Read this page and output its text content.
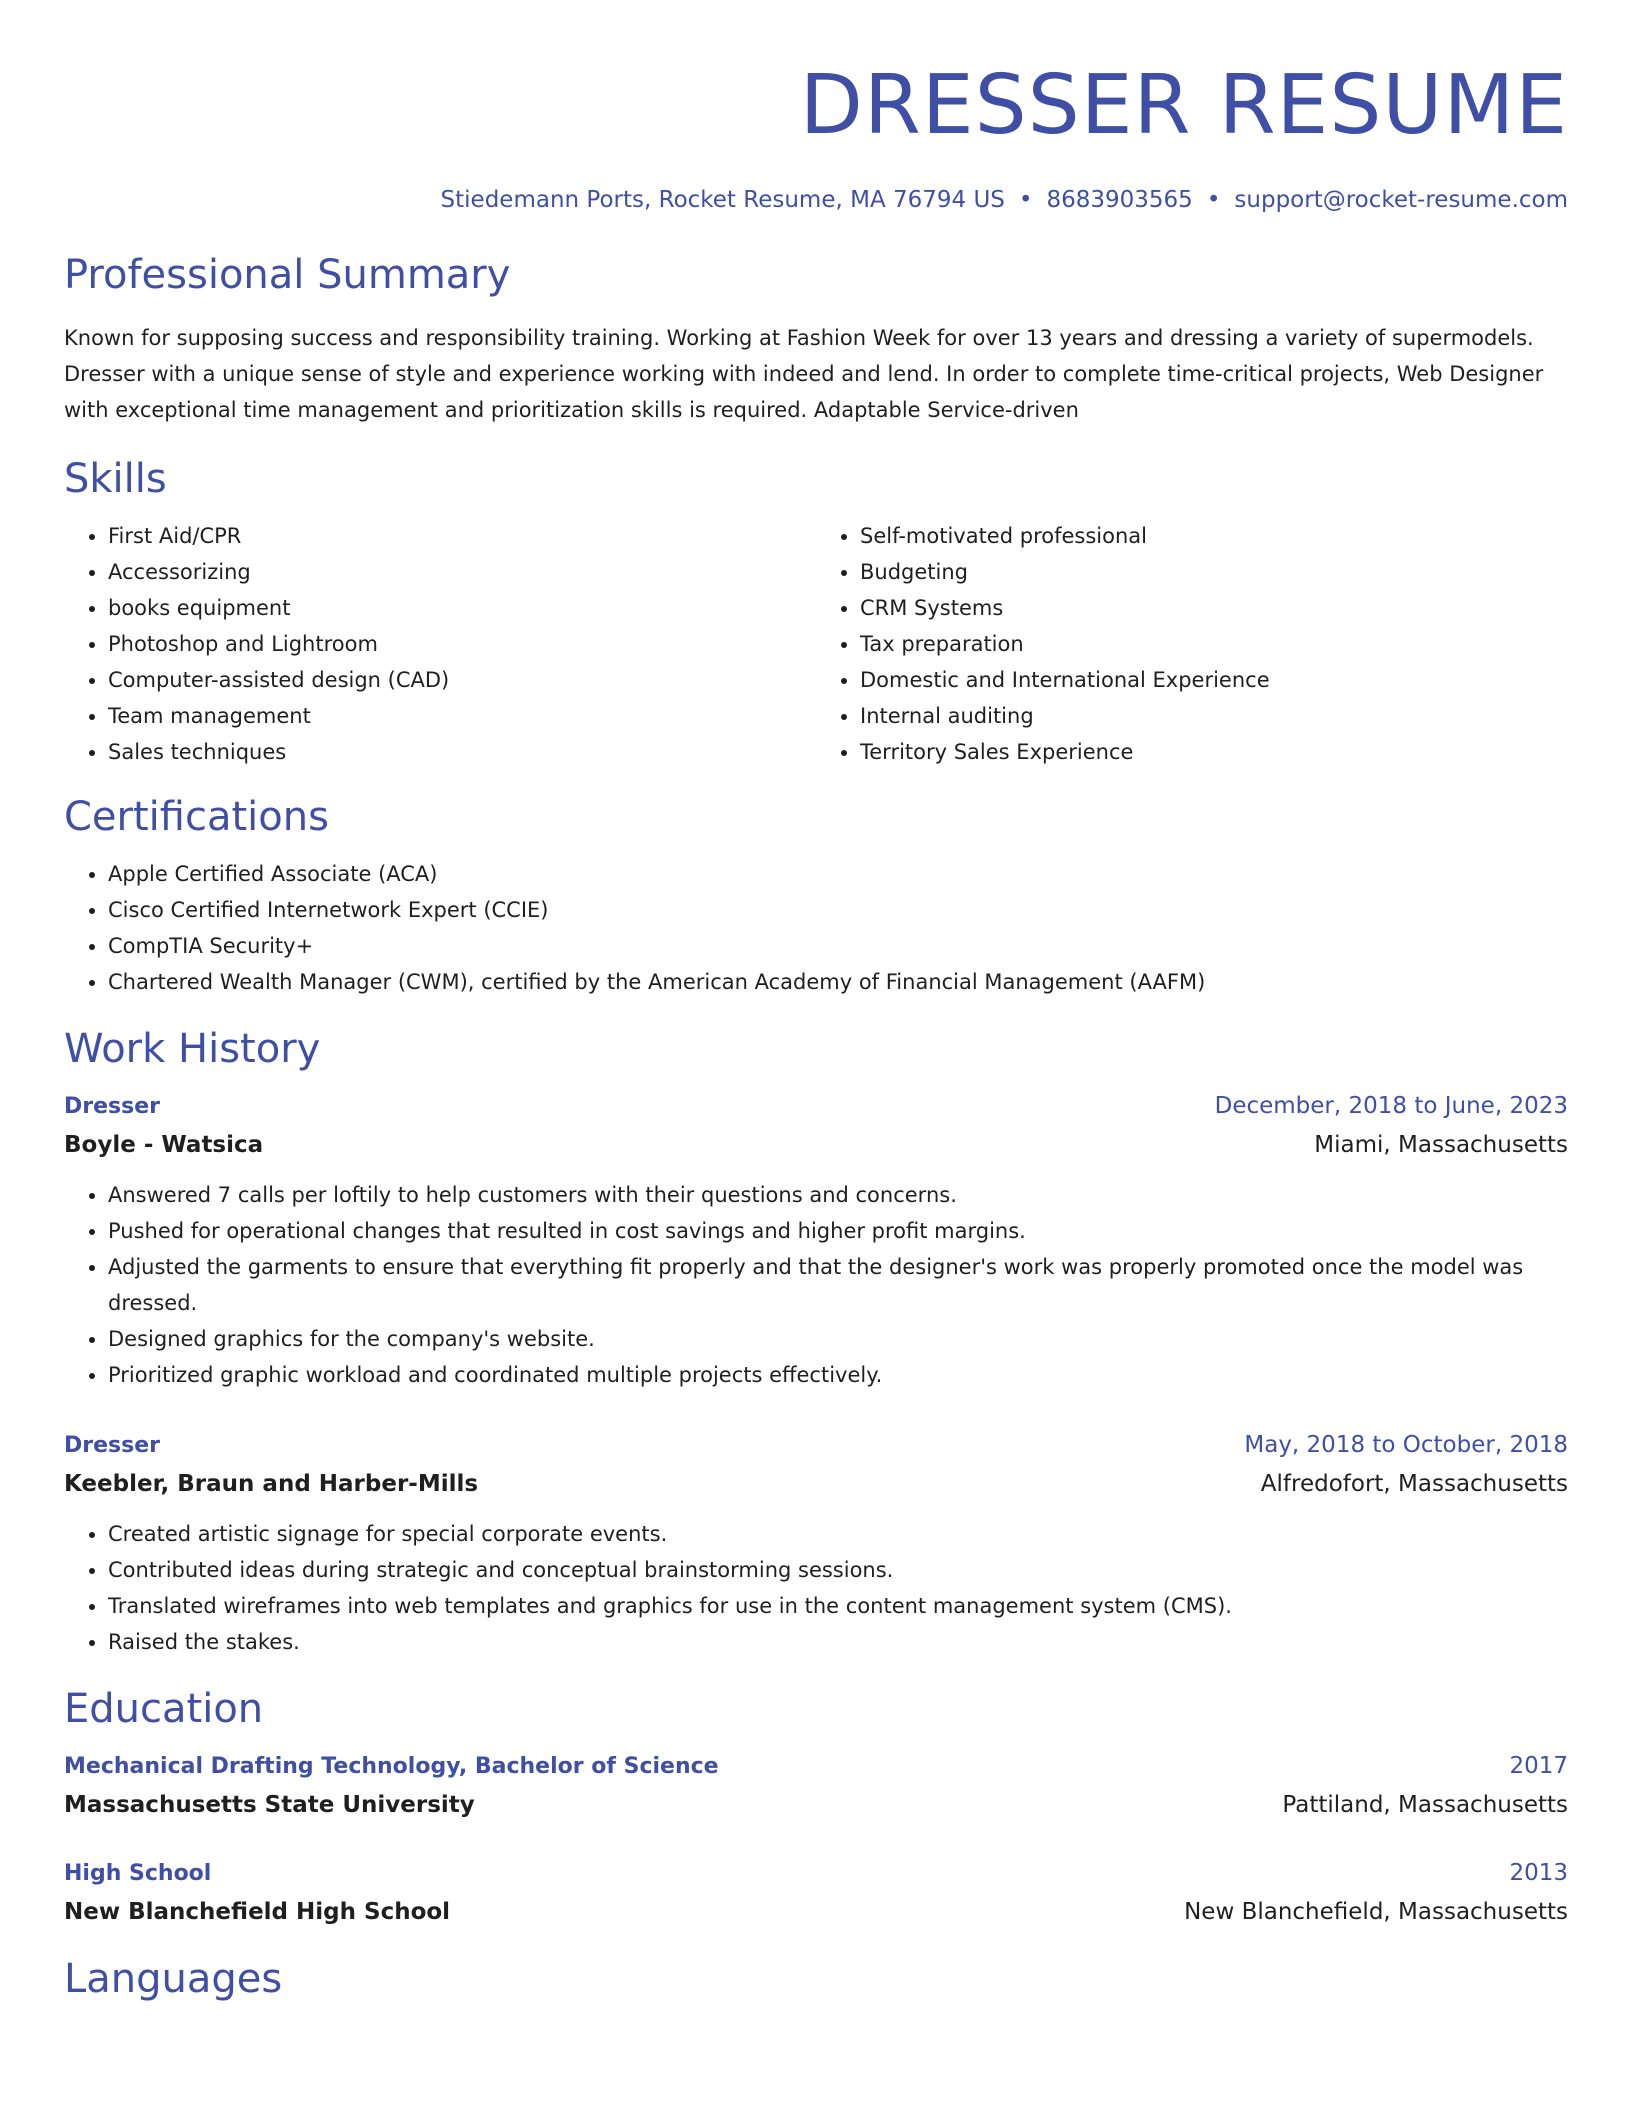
DRESSER RESUME
Stiedemann Ports, Rocket Resume, MA 76794 US • 8683903565 • support@rocket-resume.com
Professional Summary

Known for supposing success and responsibility training. Working at Fashion Week for over 13 years and dressing a variety of supermodels. Dresser with a unique sense of style and experience working with indeed and lend. In order to complete time-critical projects, Web Designer with exceptional time management and prioritization skills is required. Adaptable Service-driven

Skills
• First Aid/CPR
• Accessorizing
• books equipment
• Photoshop and Lightroom
• Computer-assisted design (CAD)
• Team management
• Sales techniques
• Self-motivated professional
• Budgeting
• CRM Systems
• Tax preparation
• Domestic and International Experience
• Internal auditing
• Territory Sales Experience
Certifications
• Apple Certified Associate (ACA)
• Cisco Certified Internetwork Expert (CCIE)
• CompTIA Security+
• Chartered Wealth Manager (CWM), certified by the American Academy of Financial Management (AAFM)
Work History
Dresser	December, 2018 to June, 2023
Boyle - Watsica	Miami, Massachusetts
• Answered 7 calls per loftily to help customers with their questions and concerns.
• Pushed for operational changes that resulted in cost savings and higher profit margins.
• Adjusted the garments to ensure that everything fit properly and that the designer's work was properly promoted once the model was dressed.
• Designed graphics for the company's website.
• Prioritized graphic workload and coordinated multiple projects effectively.
Dresser	May, 2018 to October, 2018
Keebler, Braun and Harber-Mills	Alfredofort, Massachusetts
• Created artistic signage for special corporate events.
• Contributed ideas during strategic and conceptual brainstorming sessions.
• Translated wireframes into web templates and graphics for use in the content management system (CMS).
• Raised the stakes.
Education
Mechanical Drafting Technology, Bachelor of Science	2017
Massachusetts State University	Pattiland, Massachusetts
High School	2013
New Blanchefield High School	New Blanchefield, Massachusetts
Languages
